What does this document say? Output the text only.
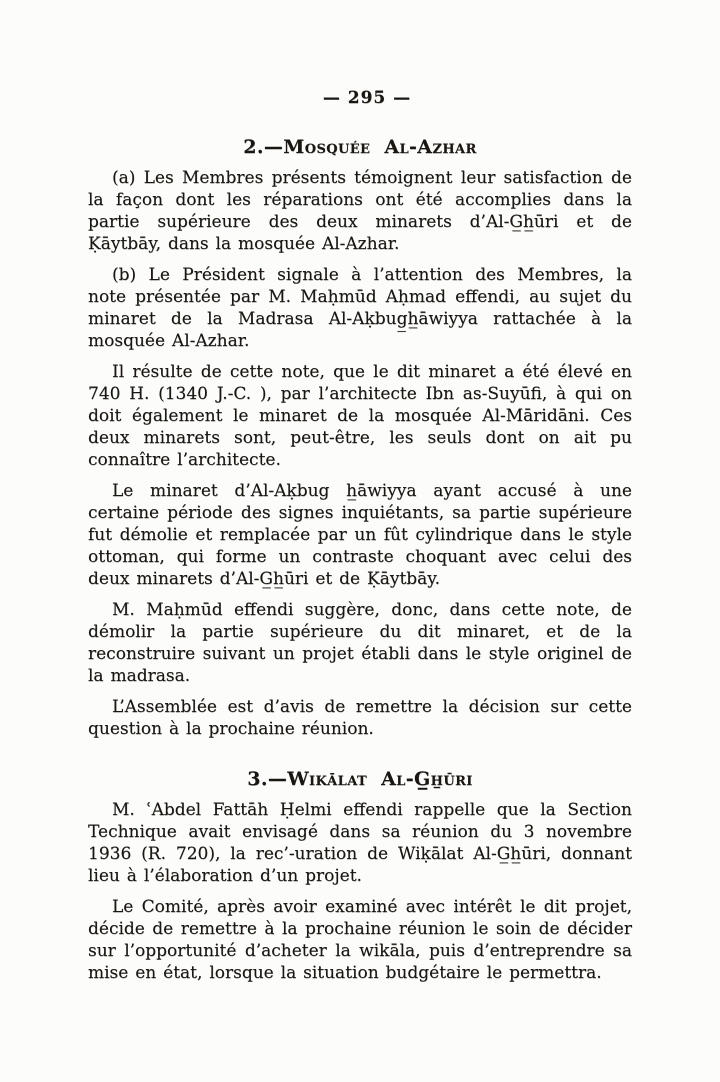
— 295 —
2.—Mosquée Al-Azhar

(a) Les Membres présents témoignent leur satisfaction de la façon dont les réparations ont été accomplies dans la partie supérieure des deux minarets d’Al-G̲h̲ūri et de Ḳāytbāy, dans la mosquée Al-Azhar.

(b) Le Président signale à l’attention des Membres, la note présentée par M. Maḥmūd Aḥmad effendi, au sujet du minaret de la Madrasa Al-Aḳbug̲h̲āwiyya rattachée à la mosquée Al-Azhar.

Il résulte de cette note, que le dit minaret a été élevé en 740 H. (1340 J.-C. ), par l’architecte Ibn as-Suyūfi, à qui on doit également le minaret de la mosquée Al-Māridāni. Ces deux minarets sont, peut-être, les seuls dont on ait pu connaître l’architecte.

Le minaret d’Al-Aḳbug h̲āwiyya ayant accusé à une certaine période des signes inquiétants, sa partie supérieure fut démolie et remplacée par un fût cylindrique dans le style ottoman, qui forme un contraste choquant avec celui des deux minarets d’Al-G̲h̲ūri et de Ḳāytbāy.

M. Maḥmūd effendi suggère, donc, dans cette note, de démolir la partie supérieure du dit minaret, et de la reconstruire suivant un projet établi dans le style originel de la madrasa.

L’Assemblée est d’avis de remettre la décision sur cette question à la prochaine réunion.

3.—Wikālat Al-G̲h̲ūri

M. ʿAbdel Fattāh Ḥelmi effendi rappelle que la Section Technique avait envisagé dans sa réunion du 3 novembre 1936 (R. 720), la rec’-uration de Wiḳālat Al-G̲h̲ūri, donnant lieu à l’élaboration d’un projet.

Le Comité, après avoir examiné avec intérêt le dit projet, décide de remettre à la prochaine réunion le soin de décider sur l’opportunité d’acheter la wikāla, puis d’entreprendre sa mise en état, lorsque la situation budgétaire le permettra.
